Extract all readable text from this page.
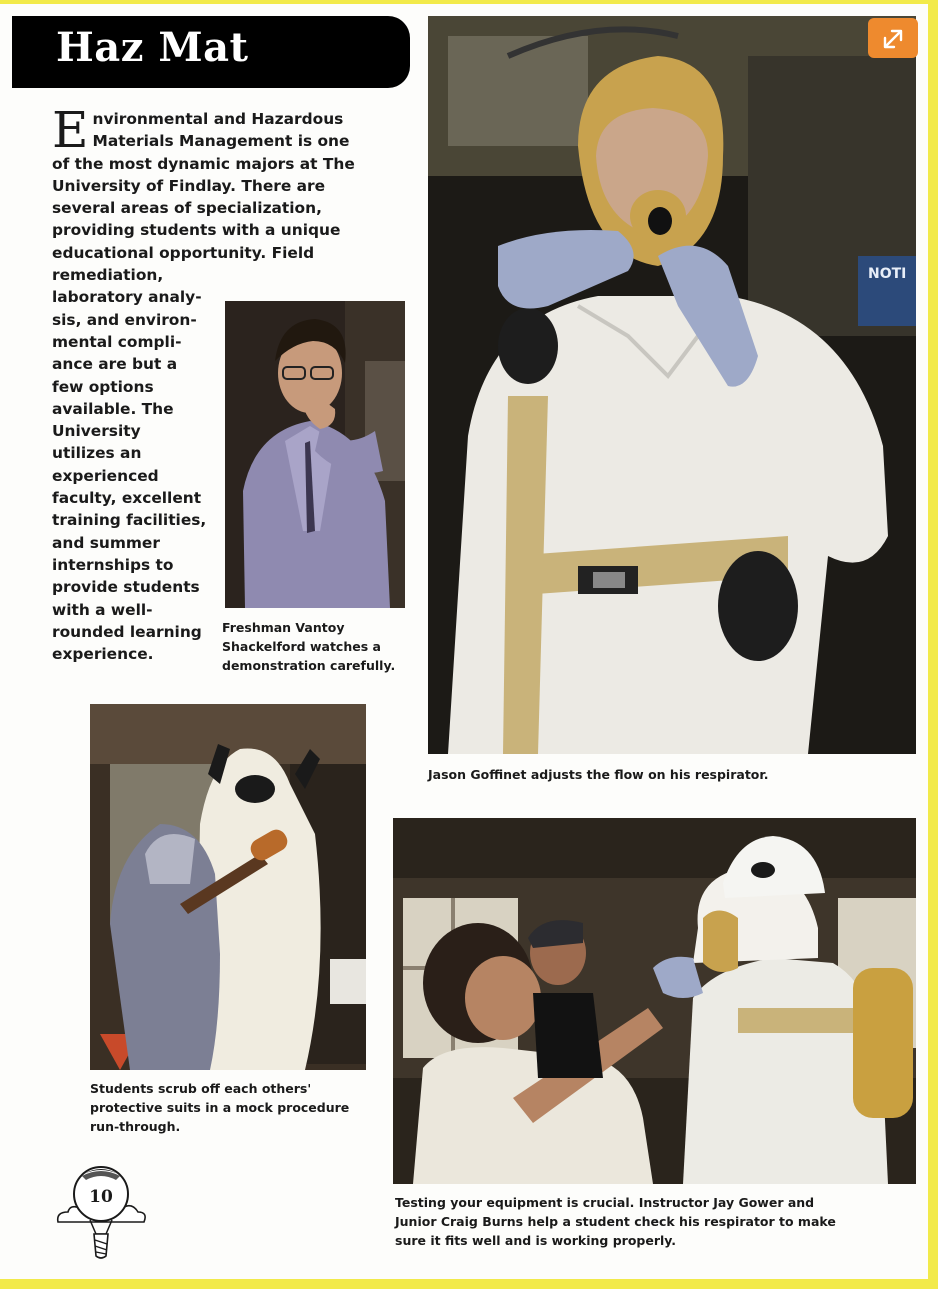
Haz Mat
Environmental and Hazardous Materials Management is one of the most dynamic majors at The University of Findlay. There are several areas of specialization, providing students with a unique educational opportunity. Field remediation,
laboratory analysis, and environmental compliance are but a few options available. The University utilizes an experienced faculty, excellent training facilities, and summer internships to provide students with a well-rounded learning experience.
Freshman Vantoy Shackelford watches a demonstration carefully.
NOTI
Jason Goffinet adjusts the flow on his respirator.
Students scrub off each others' protective suits in a mock procedure run-through.
Testing your equipment is crucial. Instructor Jay Gower and Junior Craig Burns help a student check his respirator to make sure it fits well and is working properly.
10
